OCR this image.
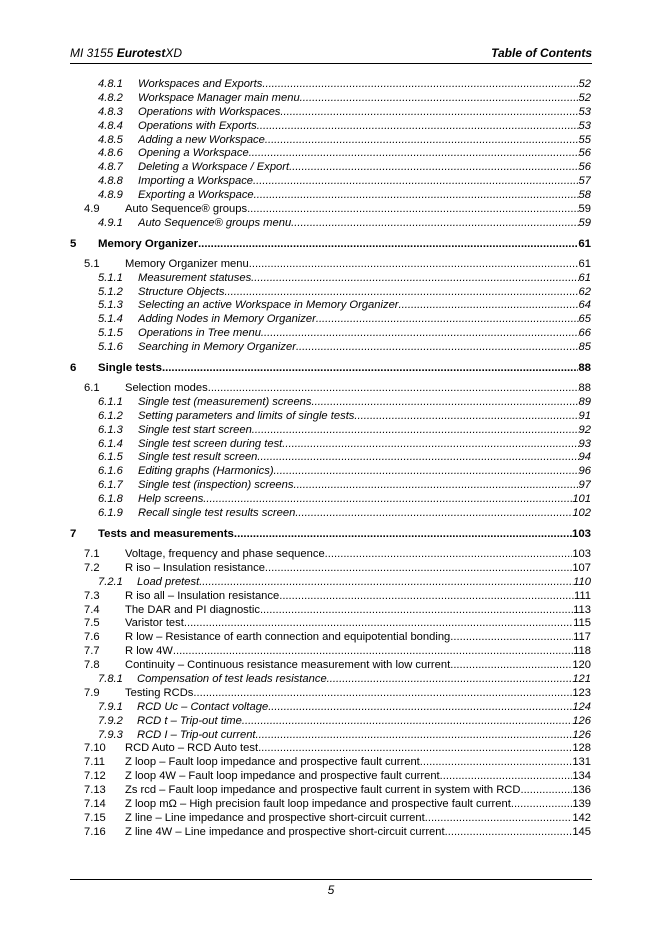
MI 3155 EurotestXD	Table of Contents
4.8.1 Workspaces and Exports .....	52
4.8.2 Workspace Manager main menu .....	52
4.8.3 Operations with Workspaces .....	53
4.8.4 Operations with Exports .....	53
4.8.5 Adding a new Workspace .....	55
4.8.6 Opening a Workspace .....	56
4.8.7 Deleting a Workspace / Export .....	56
4.8.8 Importing a Workspace .....	57
4.8.9 Exporting a Workspace .....	58
4.9 Auto Sequence® groups .....	59
4.9.1 Auto Sequence® groups menu .....	59
5 Memory Organizer .....	61
5.1 Memory Organizer menu .....	61
5.1.1 Measurement statuses .....	61
5.1.2 Structure Objects .....	62
5.1.3 Selecting an active Workspace in Memory Organizer .....	64
5.1.4 Adding Nodes in Memory Organizer .....	65
5.1.5 Operations in Tree menu .....	66
5.1.6 Searching in Memory Organizer .....	85
6 Single tests .....	88
6.1 Selection modes .....	88
6.1.1 Single test (measurement) screens .....	89
6.1.2 Setting parameters and limits of single tests .....	91
6.1.3 Single test start screen .....	92
6.1.4 Single test screen during test .....	93
6.1.5 Single test result screen .....	94
6.1.6 Editing graphs (Harmonics) .....	96
6.1.7 Single test (inspection) screens .....	97
6.1.8 Help screens .....	101
6.1.9 Recall single test results screen .....	102
7 Tests and measurements .....	103
7.1 Voltage, frequency and phase sequence .....	103
7.2 R iso – Insulation resistance .....	107
7.2.1 Load pretest .....	110
7.3 R iso all – Insulation resistance .....	111
7.4 The DAR and PI diagnostic .....	113
7.5 Varistor test .....	115
7.6 R low – Resistance of earth connection and equipotential bonding .....	117
7.7 R low 4W .....	118
7.8 Continuity – Continuous resistance measurement with low current .....	120
7.8.1 Compensation of test leads resistance .....	121
7.9 Testing RCDs .....	123
7.9.1 RCD Uc – Contact voltage .....	124
7.9.2 RCD t – Trip-out time .....	126
7.9.3 RCD I – Trip-out current .....	126
7.10 RCD Auto – RCD Auto test .....	128
7.11 Z loop – Fault loop impedance and prospective fault current .....	131
7.12 Z loop 4W – Fault loop impedance and prospective fault current .....	134
7.13 Zs rcd – Fault loop impedance and prospective fault current in system with RCD .....	136
7.14 Z loop mΩ – High precision fault loop impedance and prospective fault current .....	139
7.15 Z line – Line impedance and prospective short-circuit current .....	142
7.16 Z line 4W – Line impedance and prospective short-circuit current .....	145
5
